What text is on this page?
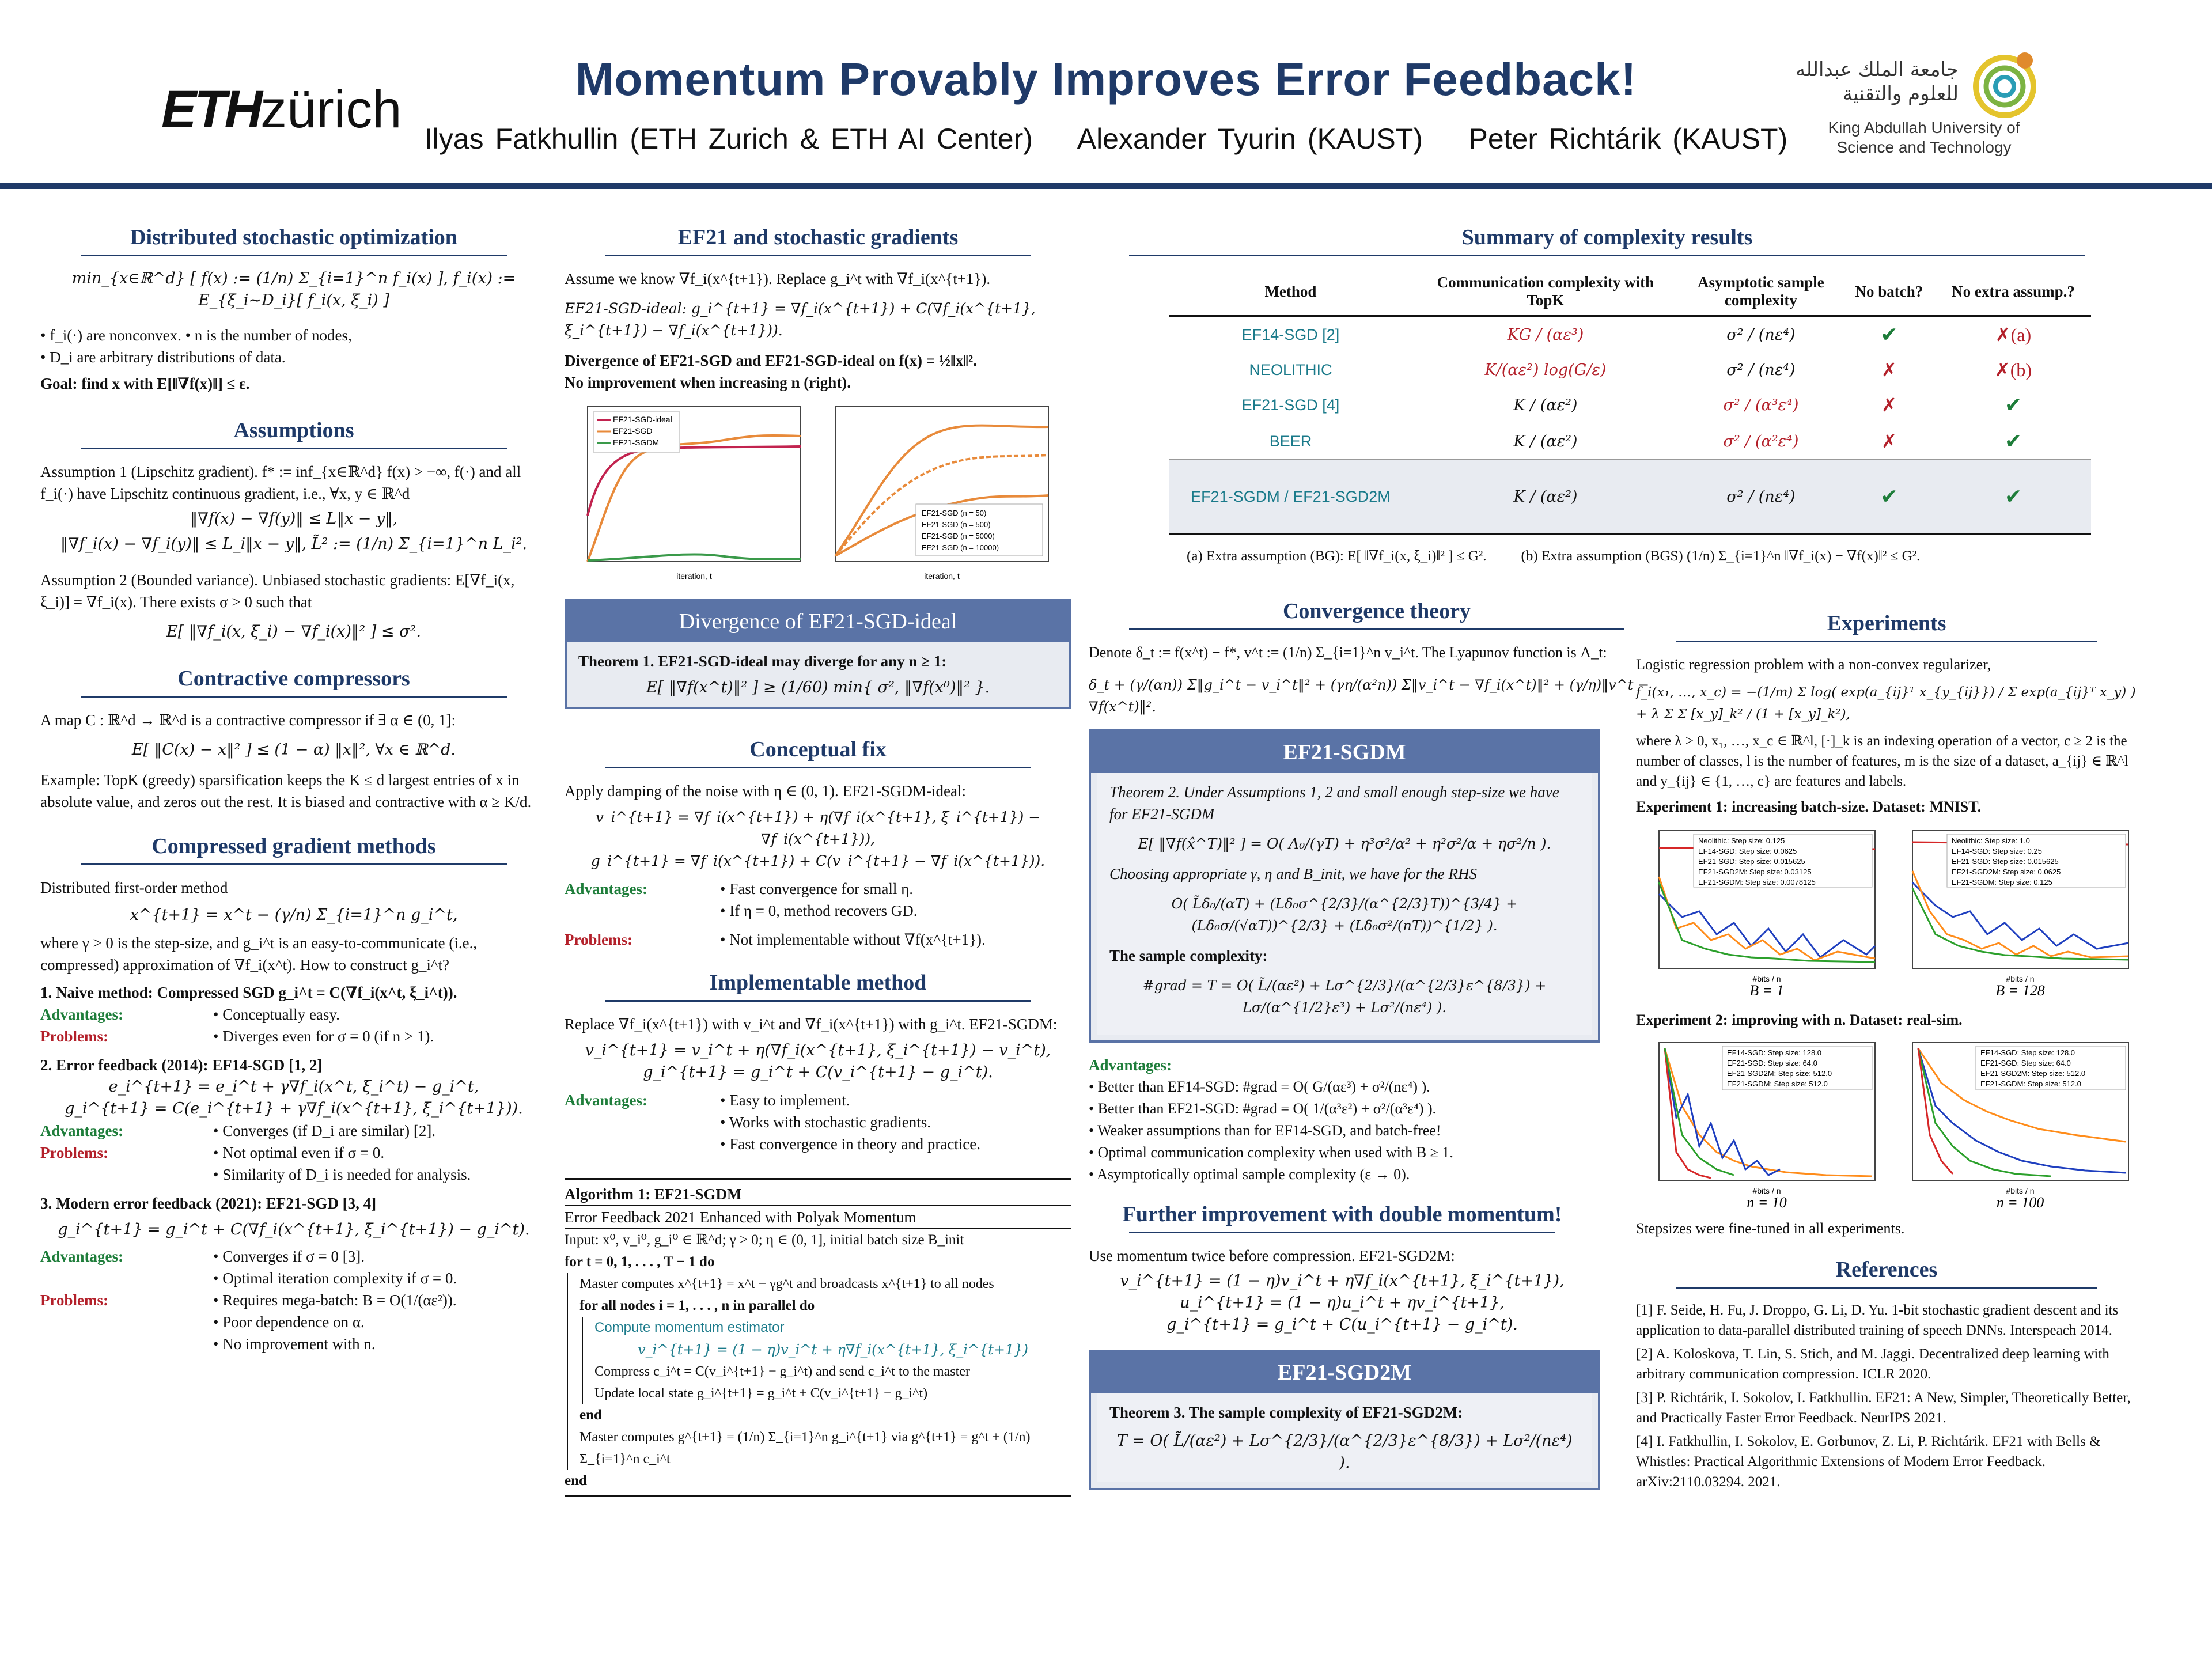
ETHzürich
Momentum Provably Improves Error Feedback!
Ilyas Fatkhullin (ETH Zurich & ETH AI Center)    Alexander Tyurin (KAUST)    Peter Richtárik (KAUST)
جامعة الملك عبدالله للعلوم والتقنية
King Abdullah University of Science and Technology
Distributed stochastic optimization
min_{x∈ℝ^d} [ f(x) := (1/n) Σ_{i=1}^n f_i(x) ], f_i(x) := E_{ξ_i∼D_i}[ f_i(x, ξ_i) ]
• f_i(·) are nonconvex. • n is the number of nodes,
• D_i are arbitrary distributions of data.
Goal: find x with E[‖∇f(x)‖] ≤ ε.
Assumptions
Assumption 1 (Lipschitz gradient). f* := inf_{x∈ℝ^d} f(x) > −∞, f(·) and all f_i(·) have Lipschitz continuous gradient, i.e., ∀x, y ∈ ℝ^d
‖∇f(x) − ∇f(y)‖ ≤ L‖x − y‖,
‖∇f_i(x) − ∇f_i(y)‖ ≤ L_i‖x − y‖, L̃² := (1/n) Σ_{i=1}^n L_i².
Assumption 2 (Bounded variance). Unbiased stochastic gradients: E[∇f_i(x, ξ_i)] = ∇f_i(x). There exists σ > 0 such that
E[ ‖∇f_i(x, ξ_i) − ∇f_i(x)‖² ] ≤ σ².
Contractive compressors
A map C : ℝ^d → ℝ^d is a contractive compressor if ∃ α ∈ (0, 1]:
E[ ‖C(x) − x‖² ] ≤ (1 − α) ‖x‖², ∀x ∈ ℝ^d.
Example: TopK (greedy) sparsification keeps the K ≤ d largest entries of x in absolute value, and zeros out the rest. It is biased and contractive with α ≥ K/d.
Compressed gradient methods
Distributed first-order method
x^{t+1} = x^t − (γ/n) Σ_{i=1}^n g_i^t,
where γ > 0 is the step-size, and g_i^t is an easy-to-communicate (i.e., compressed) approximation of ∇f_i(x^t). How to construct g_i^t?
1. Naive method: Compressed SGD g_i^t = C(∇f_i(x^t, ξ_i^t)).
Advantages:	• Conceptually easy.
Problems:	• Diverges even for σ = 0 (if n > 1).
2. Error feedback (2014): EF14-SGD [1, 2]
e_i^{t+1} = e_i^t + γ∇f_i(x^t, ξ_i^t) − g_i^t,
g_i^{t+1} = C(e_i^{t+1} + γ∇f_i(x^{t+1}, ξ_i^{t+1})).
Advantages:	• Converges (if D_i are similar) [2].
Problems:	• Not optimal even if σ = 0.
• Similarity of D_i is needed for analysis.
3. Modern error feedback (2021): EF21-SGD [3, 4]
g_i^{t+1} = g_i^t + C(∇f_i(x^{t+1}, ξ_i^{t+1}) − g_i^t).
Advantages:	• Converges if σ = 0 [3].
• Optimal iteration complexity if σ = 0.
Problems:	• Requires mega-batch: B = O(1/(αε²)).
• Poor dependence on α.
• No improvement with n.
EF21 and stochastic gradients
Assume we know ∇f_i(x^{t+1}). Replace g_i^t with ∇f_i(x^{t+1}).
EF21-SGD-ideal: g_i^{t+1} = ∇f_i(x^{t+1}) + C(∇f_i(x^{t+1}, ξ_i^{t+1}) − ∇f_i(x^{t+1})).
Divergence of EF21-SGD and EF21-SGD-ideal on f(x) = ½‖x‖².
No improvement when increasing n (right).
EF21-SGD-ideal
EF21-SGD
EF21-SGDM
iteration, t
EF21-SGD (n = 50)
EF21-SGD (n = 500)
EF21-SGD (n = 5000)
EF21-SGD (n = 10000)
iteration, t
Divergence of EF21-SGD-ideal
Theorem 1. EF21-SGD-ideal may diverge for any n ≥ 1:
E[ ‖∇f(x^t)‖² ] ≥ (1/60) min{ σ², ‖∇f(x⁰)‖² }.
Conceptual fix
Apply damping of the noise with η ∈ (0, 1). EF21-SGDM-ideal:
v_i^{t+1} = ∇f_i(x^{t+1}) + η(∇f_i(x^{t+1}, ξ_i^{t+1}) − ∇f_i(x^{t+1})),
g_i^{t+1} = ∇f_i(x^{t+1}) + C(v_i^{t+1} − ∇f_i(x^{t+1})).
Advantages:	• Fast convergence for small η.
• If η = 0, method recovers GD.
Problems:	• Not implementable without ∇f(x^{t+1}).
Implementable method
Replace ∇f_i(x^{t+1}) with v_i^t and ∇f_i(x^{t+1}) with g_i^t. EF21-SGDM:
v_i^{t+1} = v_i^t + η(∇f_i(x^{t+1}, ξ_i^{t+1}) − v_i^t),
g_i^{t+1} = g_i^t + C(v_i^{t+1} − g_i^t).
Advantages:	• Easy to implement.
• Works with stochastic gradients.
• Fast convergence in theory and practice.
Algorithm 1: EF21-SGDM
Error Feedback 2021 Enhanced with Polyak Momentum
Input: x⁰, v_i⁰, g_i⁰ ∈ ℝ^d; γ > 0; η ∈ (0, 1], initial batch size B_init
for t = 0, 1, . . . , T − 1 do
Master computes x^{t+1} = x^t − γg^t and broadcasts x^{t+1} to all nodes
for all nodes i = 1, . . . , n in parallel do
Compute momentum estimator
v_i^{t+1} = (1 − η)v_i^t + η∇f_i(x^{t+1}, ξ_i^{t+1})
Compress c_i^t = C(v_i^{t+1} − g_i^t) and send c_i^t to the master
Update local state g_i^{t+1} = g_i^t + C(v_i^{t+1} − g_i^t)
end
Master computes g^{t+1} = (1/n) Σ_{i=1}^n g_i^{t+1} via g^{t+1} = g^t + (1/n) Σ_{i=1}^n c_i^t
end
Summary of complexity results
Method	Communication complexity with TopK	Asymptotic sample complexity	No batch?	No extra assump.?
EF14-SGD [2]	KG / (αε³)	σ² / (nε⁴)	✔	✗(a)
NEOLITHIC	K/(αε²) log(G/ε)	σ² / (nε⁴)	✗	✗(b)
EF21-SGD [4]	K / (αε²)	σ² / (α³ε⁴)	✗	✔
BEER	K / (αε²)	σ² / (α²ε⁴)	✗	✔
EF21-SGDM / EF21-SGD2M	K / (αε²)	σ² / (nε⁴)	✔	✔
(a) Extra assumption (BG): E[ ‖∇f_i(x, ξ_i)‖² ] ≤ G². (b) Extra assumption (BGS) (1/n) Σ_{i=1}^n ‖∇f_i(x) − ∇f(x)‖² ≤ G².
Convergence theory
Denote δ_t := f(x^t) − f*, v^t := (1/n) Σ_{i=1}^n v_i^t. The Lyapunov function is Λ_t:
δ_t + (γ/(αn)) Σ‖g_i^t − v_i^t‖² + (γη/(α²n)) Σ‖v_i^t − ∇f_i(x^t)‖² + (γ/η)‖v^t − ∇f(x^t)‖².
EF21-SGDM
Theorem 2. Under Assumptions 1, 2 and small enough step-size we have for EF21-SGDM
E[ ‖∇f(x̂^T)‖² ] = O( Λ₀/(γT) + η³σ²/α² + η²σ²/α + ησ²/n ).
Choosing appropriate γ, η and B_init, we have for the RHS
O( L̃δ₀/(αT) + (Lδ₀σ^{2/3}/(α^{2/3}T))^{3/4} + (Lδ₀σ/(√αT))^{2/3} + (Lδ₀σ²/(nT))^{1/2} ).
The sample complexity:
#grad = T = O( L̃/(αε²) + Lσ^{2/3}/(α^{2/3}ε^{8/3}) + Lσ/(α^{1/2}ε³) + Lσ²/(nε⁴) ).
Advantages:
• Better than EF14-SGD: #grad = O( G/(αε³) + σ²/(nε⁴) ).
• Better than EF21-SGD: #grad = O( 1/(α³ε²) + σ²/(α³ε⁴) ).
• Weaker assumptions than for EF14-SGD, and batch-free!
• Optimal communication complexity when used with B ≥ 1.
• Asymptotically optimal sample complexity (ε → 0).
Further improvement with double momentum!
Use momentum twice before compression. EF21-SGD2M:
v_i^{t+1} = (1 − η)v_i^t + η∇f_i(x^{t+1}, ξ_i^{t+1}),
u_i^{t+1} = (1 − η)u_i^t + ηv_i^{t+1},
g_i^{t+1} = g_i^t + C(u_i^{t+1} − g_i^t).
EF21-SGD2M
Theorem 3. The sample complexity of EF21-SGD2M:
T = O( L̃/(αε²) + Lσ^{2/3}/(α^{2/3}ε^{8/3}) + Lσ²/(nε⁴) ).
Experiments
Logistic regression problem with a non-convex regularizer,
f_i(x₁, …, x_c) = −(1/m) Σ log( exp(a_{ij}ᵀ x_{y_{ij}}) / Σ exp(a_{ij}ᵀ x_y) ) + λ Σ Σ [x_y]_k² / (1 + [x_y]_k²),
where λ > 0, x₁, …, x_c ∈ ℝ^l, [·]_k is an indexing operation of a vector, c ≥ 2 is the number of classes, l is the number of features, m is the size of a dataset, a_{ij} ∈ ℝ^l and y_{ij} ∈ {1, …, c} are features and labels.
Experiment 1: increasing batch-size. Dataset: MNIST.
Neolithic: Step size: 0.125
EF14-SGD: Step size: 0.0625
EF21-SGD: Step size: 0.015625
EF21-SGD2M: Step size: 0.03125
EF21-SGDM: Step size: 0.0078125
#bits / n
B = 1
Neolithic: Step size: 1.0
EF14-SGD: Step size: 0.25
EF21-SGD: Step size: 0.015625
EF21-SGD2M: Step size: 0.0625
EF21-SGDM: Step size: 0.125
#bits / n
B = 128
Experiment 2: improving with n. Dataset: real-sim.
EF14-SGD: Step size: 128.0
EF21-SGD: Step size: 64.0
EF21-SGD2M: Step size: 512.0
EF21-SGDM: Step size: 512.0
#bits / n
n = 10
EF14-SGD: Step size: 128.0
EF21-SGD: Step size: 64.0
EF21-SGD2M: Step size: 512.0
EF21-SGDM: Step size: 512.0
#bits / n
n = 100
Stepsizes were fine-tuned in all experiments.
References
[1] F. Seide, H. Fu, J. Droppo, G. Li, D. Yu. 1-bit stochastic gradient descent and its application to data-parallel distributed training of speech DNNs. Interspeach 2014.
[2] A. Koloskova, T. Lin, S. Stich, and M. Jaggi. Decentralized deep learning with arbitrary communication compression. ICLR 2020.
[3] P. Richtárik, I. Sokolov, I. Fatkhullin. EF21: A New, Simpler, Theoretically Better, and Practically Faster Error Feedback. NeurIPS 2021.
[4] I. Fatkhullin, I. Sokolov, E. Gorbunov, Z. Li, P. Richtárik. EF21 with Bells & Whistles: Practical Algorithmic Extensions of Modern Error Feedback. arXiv:2110.03294. 2021.
